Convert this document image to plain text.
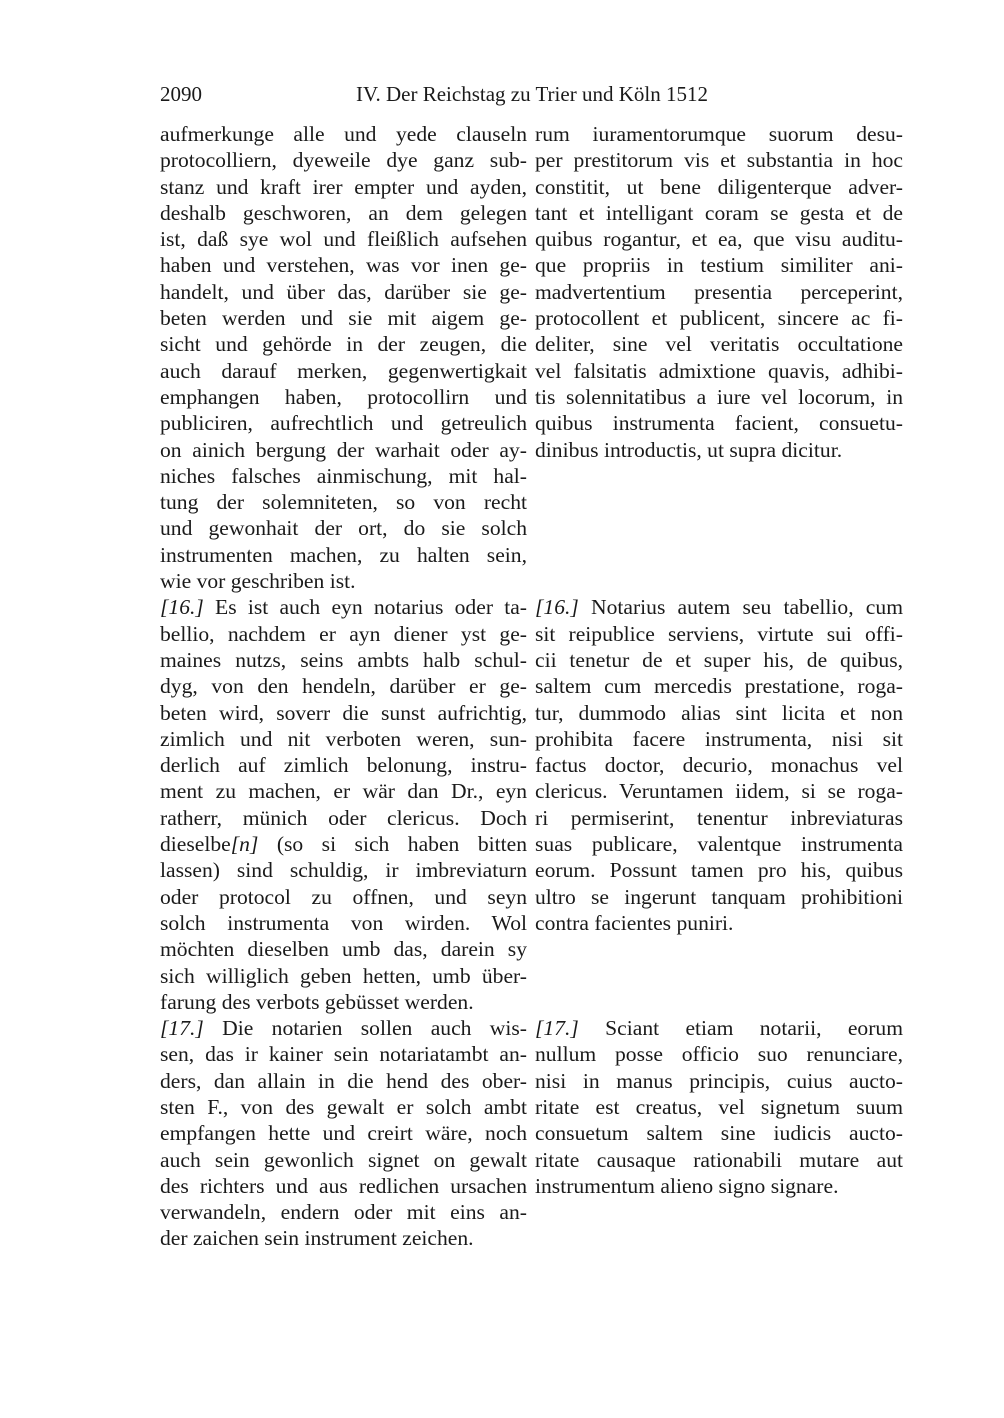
2090	IV. Der Reichstag zu Trier und Köln 1512
aufmerkunge alle und yede clauseln
protocolliern, dyeweile dye ganz sub-
stanz und kraft irer empter und ayden,
deshalb geschworen, an dem gelegen
ist, daß sye wol und fleißlich aufsehen
haben und verstehen, was vor inen ge-
handelt, und über das, darüber sie ge-
beten werden und sie mit aigem ge-
sicht und gehörde in der zeugen, die
auch darauf merken, gegenwertigkait
emphangen haben, protocollirn und
publiciren, aufrechtlich und getreulich
on ainich bergung der warhait oder ay-
niches falsches ainmischung, mit hal-
tung der solemniteten, so von recht
und gewonhait der ort, do sie solch
instrumenten machen, zu halten sein,
wie vor geschriben ist.
[16.] Es ist auch eyn notarius oder ta-
bellio, nachdem er ayn diener yst ge-
maines nutzs, seins ambts halb schul-
dyg, von den hendeln, darüber er ge-
beten wird, soverr die sunst aufrichtig,
zimlich und nit verboten weren, sun-
derlich auf zimlich belonung, instru-
ment zu machen, er wär dan Dr., eyn
ratherr, münich oder clericus. Doch
dieselbe[n] (so si sich haben bitten
lassen) sind schuldig, ir imbreviaturn
oder protocol zu offnen, und seyn
solch instrumenta von wirden. Wol
möchten dieselben umb das, darein sy
sich williglich geben hetten, umb über-
farung des verbots gebüsset werden.
[17.] Die notarien sollen auch wis-
sen, das ir kainer sein notariatambt an-
ders, dan allain in die hend des ober-
sten F., von des gewalt er solch ambt
empfangen hette und creirt wäre, noch
auch sein gewonlich signet on gewalt
des richters und aus redlichen ursachen
verwandeln, endern oder mit eins an-
der zaichen sein instrument zeichen.
rum iuramentorumque suorum desu-
per prestitorum vis et substantia in hoc
constitit, ut bene diligenterque adver-
tant et intelligant coram se gesta et de
quibus rogantur, et ea, que visu auditu-
que propriis in testium similiter ani-
madvertentium presentia perceperint,
protocollent et publicent, sincere ac fi-
deliter, sine vel veritatis occultatione
vel falsitatis admixtione quavis, adhibi-
tis solennitatibus a iure vel locorum, in
quibus instrumenta facient, consuetu-
dinibus introductis, ut supra dicitur.
[16.] Notarius autem seu tabellio, cum
sit reipublice serviens, virtute sui offi-
cii tenetur de et super his, de quibus,
saltem cum mercedis prestatione, roga-
tur, dummodo alias sint licita et non
prohibita facere instrumenta, nisi sit
factus doctor, decurio, monachus vel
clericus. Veruntamen iidem, si se roga-
ri permiserint, tenentur inbreviaturas
suas publicare, valentque instrumenta
eorum. Possunt tamen pro his, quibus
ultro se ingerunt tanquam prohibitioni
contra facientes puniri.
[17.] Sciant etiam notarii, eorum
nullum posse officio suo renunciare,
nisi in manus principis, cuius aucto-
ritate est creatus, vel signetum suum
consuetum saltem sine iudicis aucto-
ritate causaque rationabili mutare aut
instrumentum alieno signo signare.
